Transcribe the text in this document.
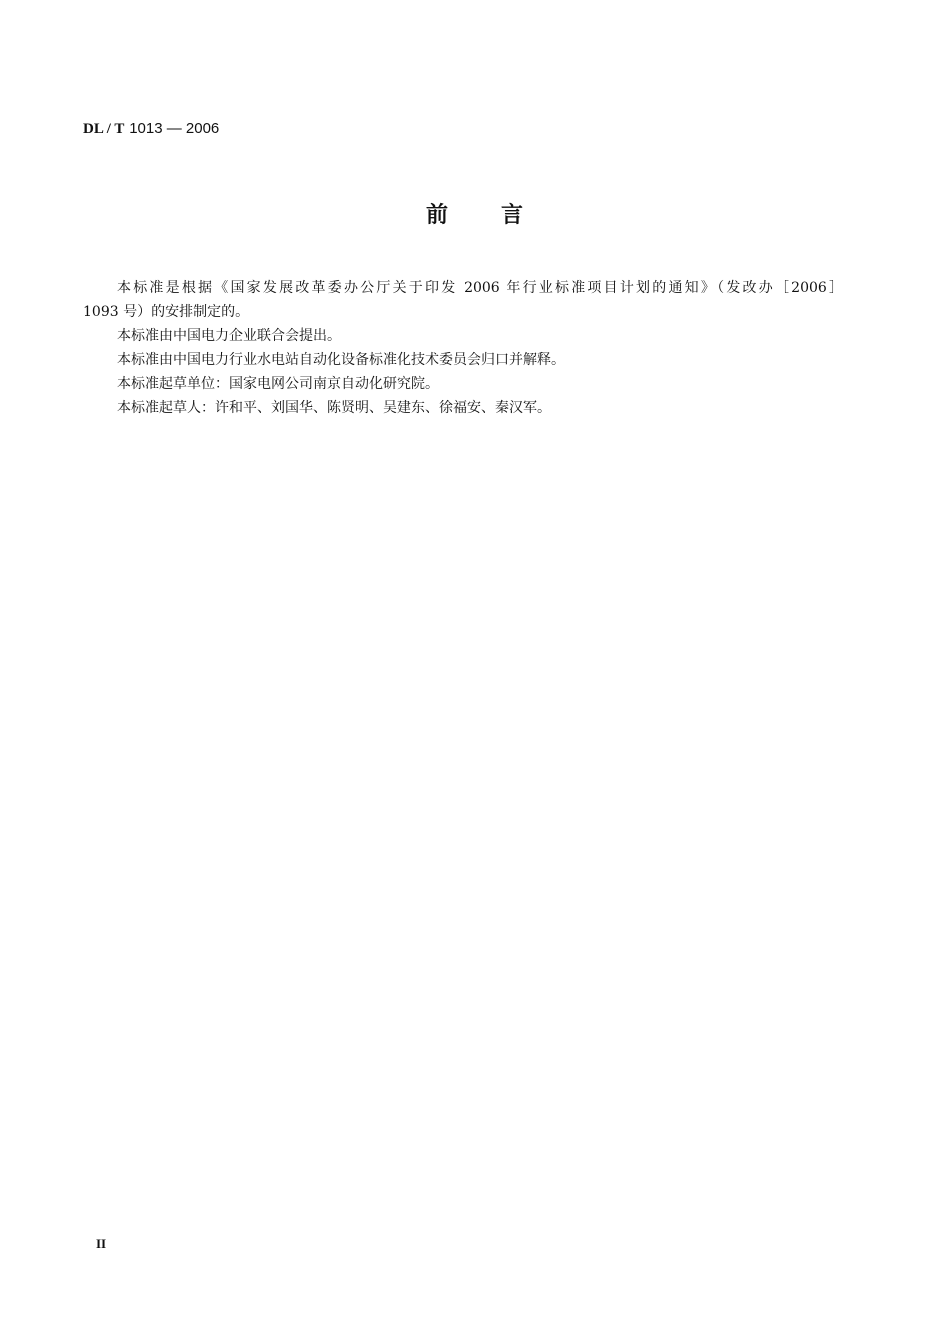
DL / T 1013 — 2006
前 言

本标准是根据《国家发展改革委办公厅关于印发 2006 年行业标准项目计划的通知》（发改办［2006］
1093 号）的安排制定的。

本标准由中国电力企业联合会提出。

本标准由中国电力行业水电站自动化设备标准化技术委员会归口并解释。

本标准起草单位：国家电网公司南京自动化研究院。

本标准起草人：许和平、刘国华、陈贤明、吴建东、徐福安、秦汉军。

II
